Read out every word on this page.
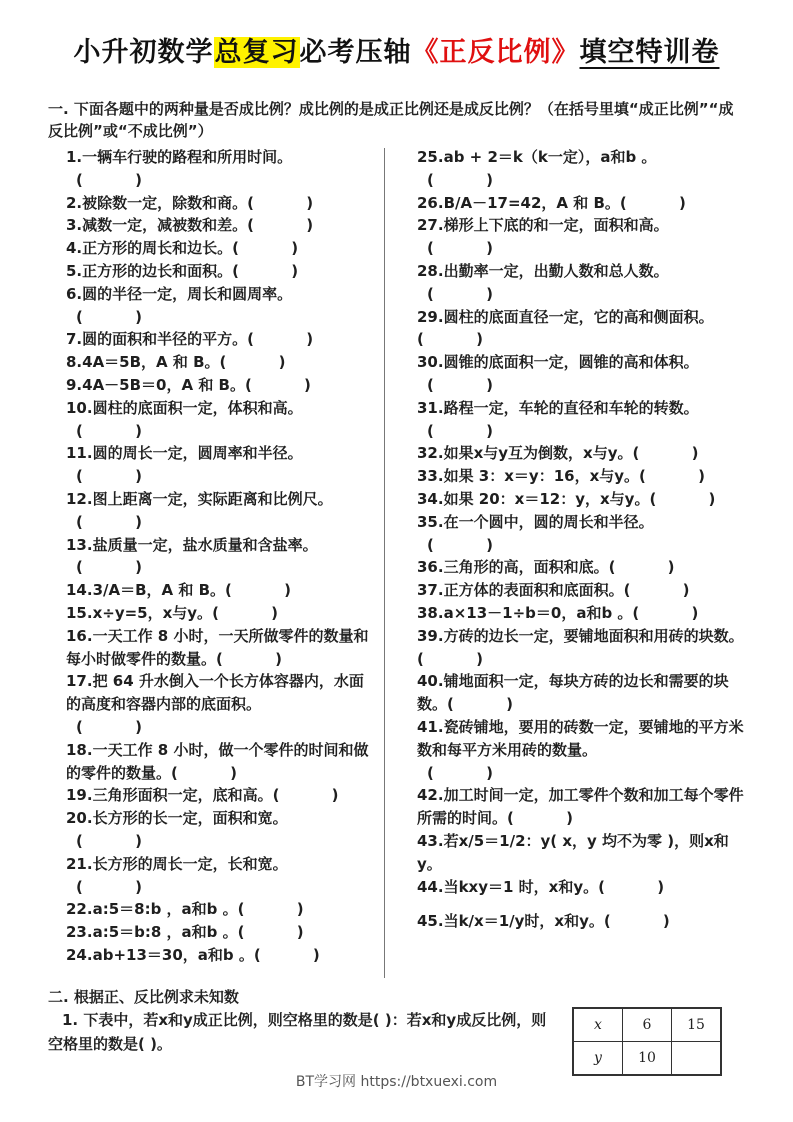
小升初数学总复习必考压轴《正反比例》填空特训卷
一. 下面各题中的两种量是否成比例？成比例的是成正比例还是成反比例？（在括号里填“成正比例”“成反比例”或“不成比例”）
1.一辆车行驶的路程和所用时间。
(          )
2.被除数一定，除数和商。(          )
3.减数一定，减被数和差。(          )
4.正方形的周长和边长。(          )
5.正方形的边长和面积。(          )
6.圆的半径一定，周长和圆周率。
(          )
7.圆的面积和半径的平方。(          )
8.4A＝5B，A 和 B。(          )
9.4A－5B＝0，A 和 B。(          )
10.圆柱的底面积一定，体积和高。
(          )
11.圆的周长一定，圆周率和半径。
(          )
12.图上距离一定，实际距离和比例尺。
(          )
13.盐质量一定，盐水质量和含盐率。
(          )
14.3/A＝B，A 和 B。(          )
15.x÷y=5，x与y。(          )
16.一天工作 8 小时，一天所做零件的数量和每小时做零件的数量。(          )
17.把 64 升水倒入一个长方体容器内，水面的高度和容器内部的底面积。
(          )
18.一天工作 8 小时，做一个零件的时间和做的零件的数量。(          )
19.三角形面积一定，底和高。(          )
20.长方形的长一定，面积和宽。
(          )
21.长方形的周长一定，长和宽。
(          )
22.a:5＝8:b ，a和b 。(          )
23.a:5＝b:8 ，a和b 。(          )
24.ab+13＝30，a和b 。(          )
25.ab + 2＝k（k一定），a和b 。
(          )
26.B/A－17=42，A 和 B。(          )
27.梯形上下底的和一定，面积和高。
(          )
28.出勤率一定，出勤人数和总人数。
(          )
29.圆柱的底面直径一定，它的高和侧面积。(          )
30.圆锥的底面积一定，圆锥的高和体积。
(          )
31.路程一定，车轮的直径和车轮的转数。
(          )
32.如果x与y互为倒数，x与y。(          )
33.如果 3：x＝y：16，x与y。(          )
34.如果 20：x＝12：y，x与y。(          )
35.在一个圆中，圆的周长和半径。
(          )
36.三角形的高，面积和底。(          )
37.正方体的表面积和底面积。(          )
38.a×13－1÷b＝0，a和b 。(          )
39.方砖的边长一定，要铺地面积和用砖的块数。(          )
40.铺地面积一定，每块方砖的边长和需要的块数。(          )
41.瓷砖铺地，要用的砖数一定，要铺地的平方米数和每平方米用砖的数量。
(          )
42.加工时间一定，加工零件个数和加工每个零件所需的时间。(          )
43.若x/5＝1/2：y( x，y 均不为零 )，则x和y。
44.当kxy＝1 时，x和y。(          )
45.当k/x＝1/y时，x和y。(          )
二. 根据正、反比例求未知数
1. 下表中，若x和y成正比例，则空格里的数是( )：若x和y成反比例，则空格里的数是( )。
x	6	15
y	10	
BT学习网 https://btxuexi.com
